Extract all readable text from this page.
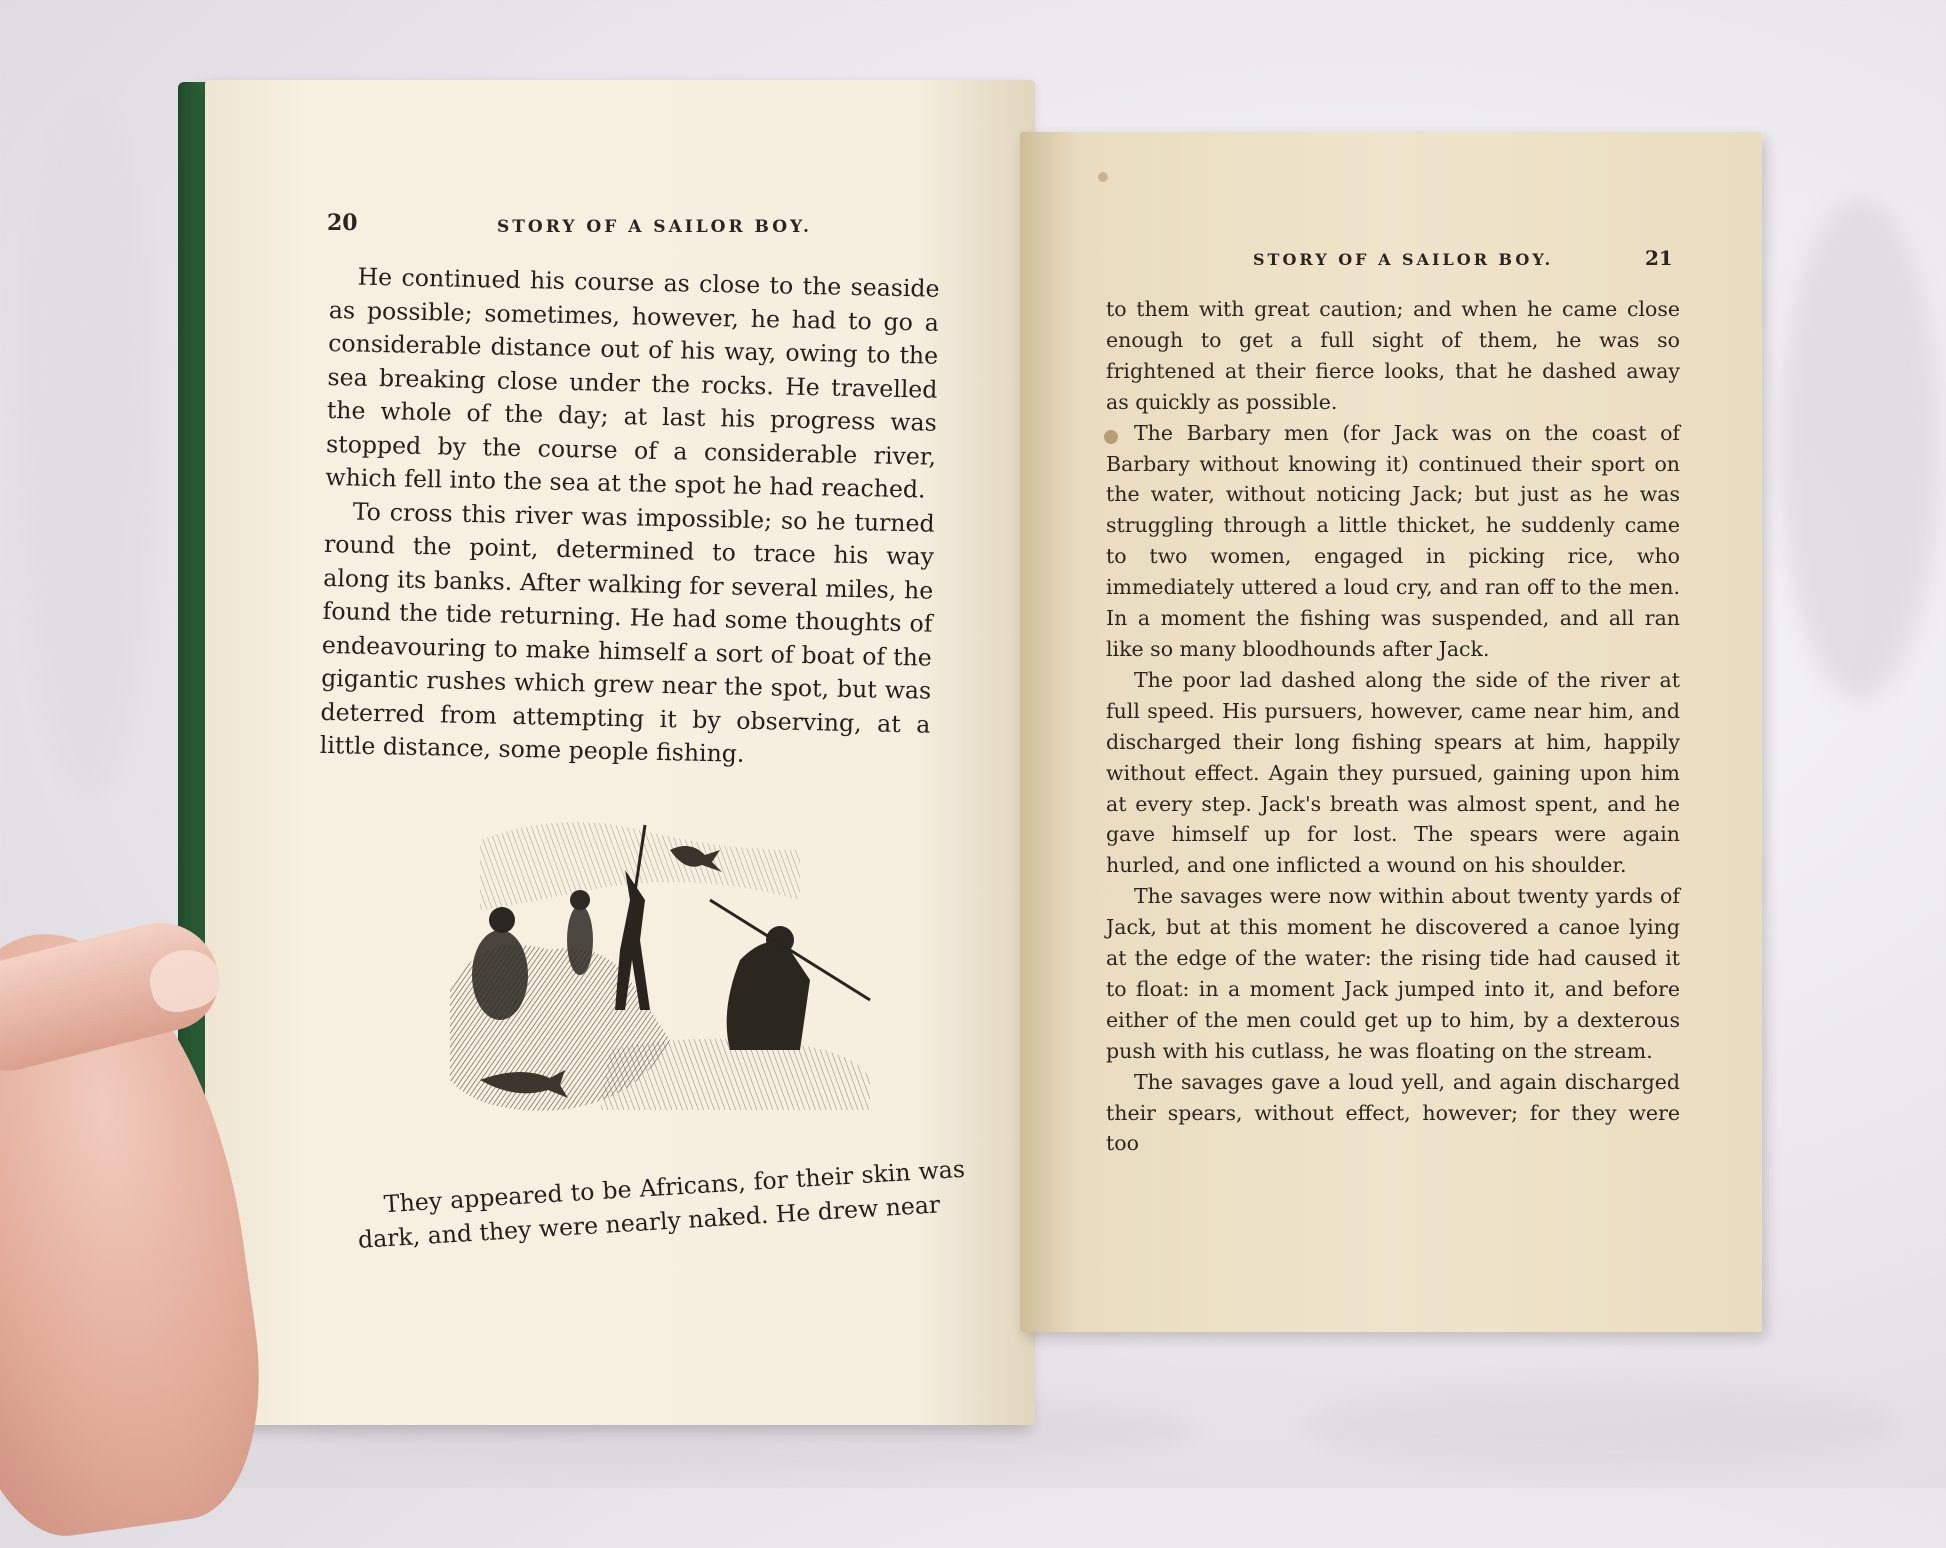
20	STORY OF A SAILOR BOY.

He continued his course as close to the seaside as possible; sometimes, however, he had to go a considerable distance out of his way, owing to the sea breaking close under the rocks. He travelled the whole of the day; at last his progress was stopped by the course of a considerable river, which fell into the sea at the spot he had reached.

To cross this river was impossible; so he turned round the point, determined to trace his way along its banks. After walking for several miles, he found the tide returning. He had some thoughts of endeavouring to make himself a sort of boat of the gigantic rushes which grew near the spot, but was deterred from attempting it by observing, at a little distance, some people fishing.

They appeared to be Africans, for their skin was dark, and they were nearly naked. He drew near

STORY OF A SAILOR BOY.	21

to them with great caution; and when he came close enough to get a full sight of them, he was so frightened at their fierce looks, that he dashed away as quickly as possible.

The Barbary men (for Jack was on the coast of Barbary without knowing it) continued their sport on the water, without noticing Jack; but just as he was struggling through a little thicket, he suddenly came to two women, engaged in picking rice, who immediately uttered a loud cry, and ran off to the men. In a moment the fishing was suspended, and all ran like so many bloodhounds after Jack.

The poor lad dashed along the side of the river at full speed. His pursuers, however, came near him, and discharged their long fishing spears at him, happily without effect. Again they pursued, gaining upon him at every step. Jack's breath was almost spent, and he gave himself up for lost. The spears were again hurled, and one inflicted a wound on his shoulder.

The savages were now within about twenty yards of Jack, but at this moment he discovered a canoe lying at the edge of the water: the rising tide had caused it to float: in a moment Jack jumped into it, and before either of the men could get up to him, by a dexterous push with his cutlass, he was floating on the stream.

The savages gave a loud yell, and again discharged their spears, without effect, however; for they were too
